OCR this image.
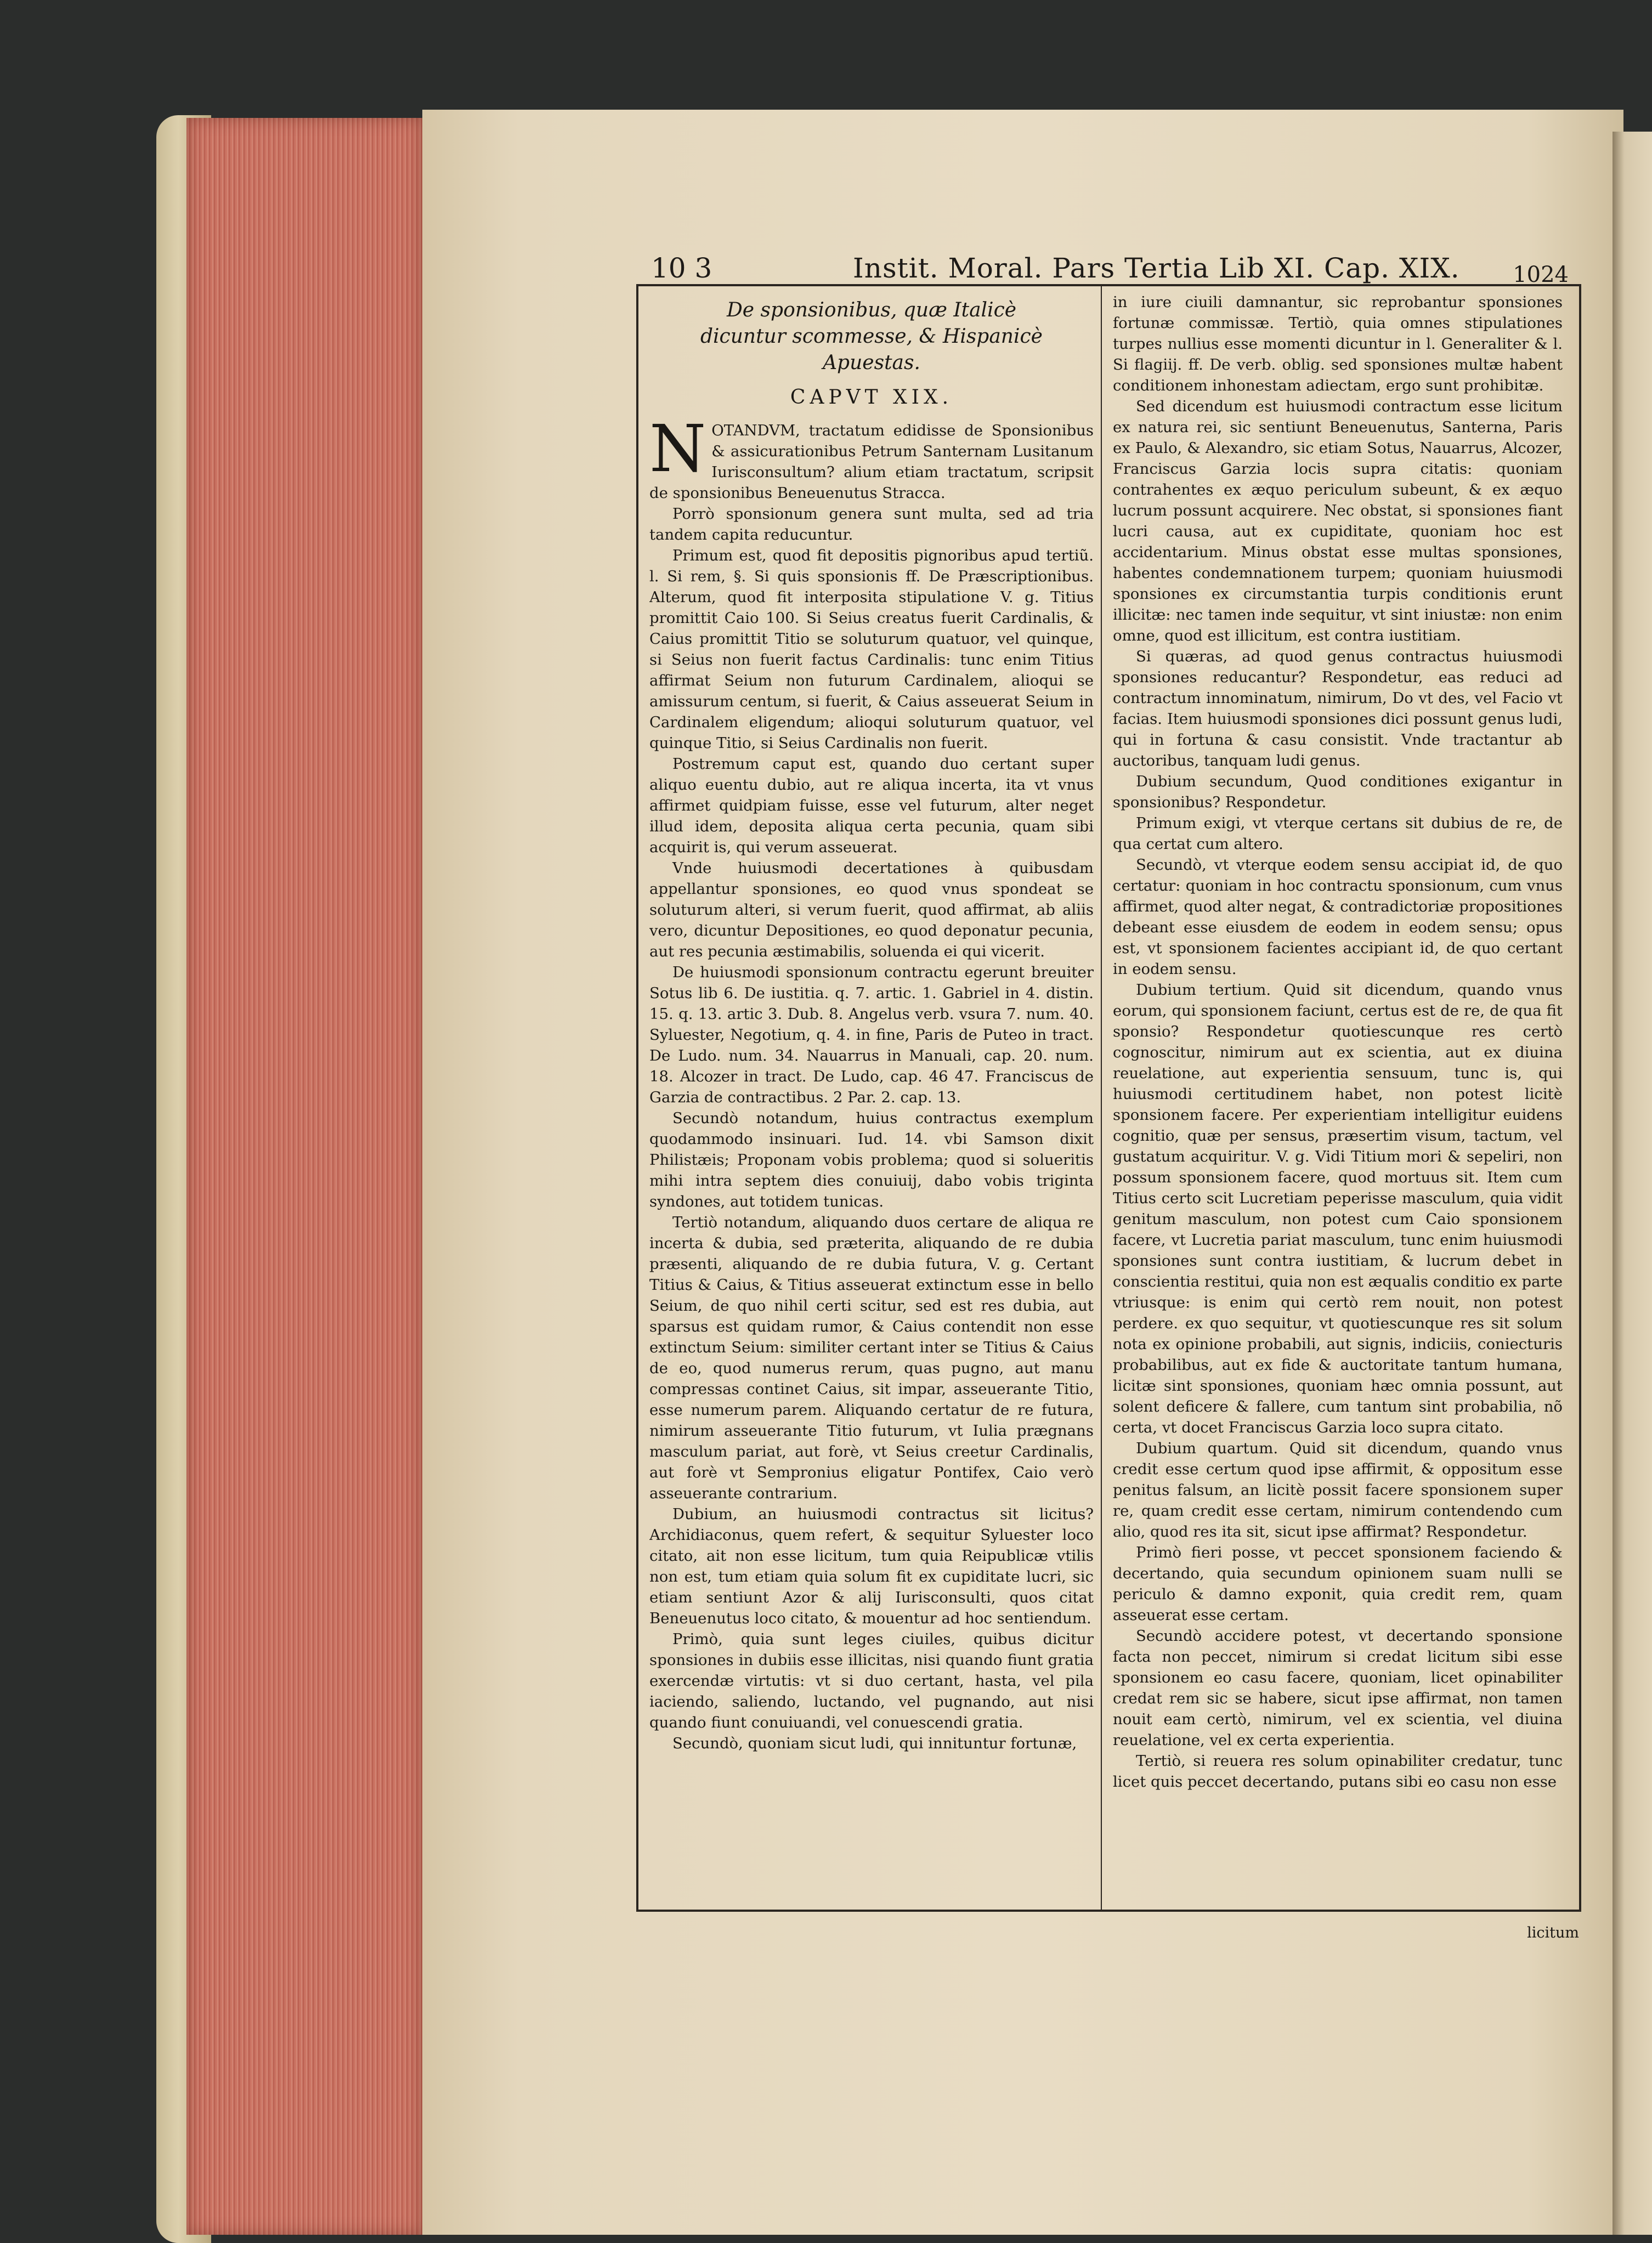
10 3	Instit. Moral. Pars Tertia Lib XI. Cap. XIX. 1024
De sponsionibus, quæ Italicè dicuntur scommesse, & Hispanicè Apuestas.
CAPVT XIX.

NOTANDVM, tractatum edidisse de Sponsionibus & assicurationibus Petrum Santernam Lusitanum Iurisconsultum? alium etiam tractatum, scripsit de sponsionibus Beneuenutus Stracca.

Porrò sponsionum genera sunt multa, sed ad tria tandem capita reducuntur.

Primum est, quod fit depositis pignoribus apud tertiũ. l. Si rem, §. Si quis sponsionis ff. De Præscriptionibus. Alterum, quod fit interposita stipulatione V. g. Titius promittit Caio 100. Si Seius creatus fuerit Cardinalis, & Caius promittit Titio se soluturum quatuor, vel quinque, si Seius non fuerit factus Cardinalis: tunc enim Titius affirmat Seium non futurum Cardinalem, alioqui se amissurum centum, si fuerit, & Caius asseuerat Seium in Cardinalem eligendum; alioqui soluturum quatuor, vel quinque Titio, si Seius Cardinalis non fuerit.

Postremum caput est, quando duo certant super aliquo euentu dubio, aut re aliqua incerta, ita vt vnus affirmet quidpiam fuisse, esse vel futurum, alter neget illud idem, deposita aliqua certa pecunia, quam sibi acquirit is, qui verum asseuerat.

Vnde huiusmodi decertationes à quibusdam appellantur sponsiones, eo quod vnus spondeat se soluturum alteri, si verum fuerit, quod affirmat, ab aliis vero, dicuntur Depositiones, eo quod deponatur pecunia, aut res pecunia æstimabilis, soluenda ei qui vicerit.

De huiusmodi sponsionum contractu egerunt breuiter Sotus lib 6. De iustitia. q. 7. artic. 1. Gabriel in 4. distin. 15. q. 13. artic 3. Dub. 8. Angelus verb. vsura 7. num. 40. Syluester, Negotium, q. 4. in fine, Paris de Puteo in tract. De Ludo. num. 34. Nauarrus in Manuali, cap. 20. num. 18. Alcozer in tract. De Ludo, cap. 46 47. Franciscus de Garzia de contractibus. 2 Par. 2. cap. 13.

Secundò notandum, huius contractus exemplum quodammodo insinuari. Iud. 14. vbi Samson dixit Philistæis; Proponam vobis problema; quod si solueritis mihi intra septem dies conuiuij, dabo vobis triginta syndones, aut totidem tunicas.

Tertiò notandum, aliquando duos certare de aliqua re incerta & dubia, sed præterita, aliquando de re dubia præsenti, aliquando de re dubia futura, V. g. Certant Titius & Caius, & Titius asseuerat extinctum esse in bello Seium, de quo nihil certi scitur, sed est res dubia, aut sparsus est quidam rumor, & Caius contendit non esse extinctum Seium: similiter certant inter se Titius & Caius de eo, quod numerus rerum, quas pugno, aut manu compressas continet Caius, sit impar, asseuerante Titio, esse numerum parem. Aliquando certatur de re futura, nimirum asseuerante Titio futurum, vt Iulia prægnans masculum pariat, aut forè, vt Seius creetur Cardinalis, aut forè vt Sempronius eligatur Pontifex, Caio verò asseuerante contrarium.

Dubium, an huiusmodi contractus sit licitus? Archidiaconus, quem refert, & sequitur Syluester loco citato, ait non esse licitum, tum quia Reipublicæ vtilis non est, tum etiam quia solum fit ex cupiditate lucri, sic etiam sentiunt Azor & alij Iurisconsulti, quos citat Beneuenutus loco citato, & mouentur ad hoc sentiendum.

Primò, quia sunt leges ciuiles, quibus dicitur sponsiones in dubiis esse illicitas, nisi quando fiunt gratia exercendæ virtutis: vt si duo certant, hasta, vel pila iaciendo, saliendo, luctando, vel pugnando, aut nisi quando fiunt conuiuandi, vel conuescendi gratia.

Secundò, quoniam sicut ludi, qui innituntur fortunæ,

in iure ciuili damnantur, sic reprobantur sponsiones fortunæ commissæ. Tertiò, quia omnes stipulationes turpes nullius esse momenti dicuntur in l. Generaliter & l. Si flagiij. ff. De verb. oblig. sed sponsiones multæ habent conditionem inhonestam adiectam, ergo sunt prohibitæ.

Sed dicendum est huiusmodi contractum esse licitum ex natura rei, sic sentiunt Beneuenutus, Santerna, Paris ex Paulo, & Alexandro, sic etiam Sotus, Nauarrus, Alcozer, Franciscus Garzia locis supra citatis: quoniam contrahentes ex æquo periculum subeunt, & ex æquo lucrum possunt acquirere. Nec obstat, si sponsiones fiant lucri causa, aut ex cupiditate, quoniam hoc est accidentarium. Minus obstat esse multas sponsiones, habentes condemnationem turpem; quoniam huiusmodi sponsiones ex circumstantia turpis conditionis erunt illicitæ: nec tamen inde sequitur, vt sint iniustæ: non enim omne, quod est illicitum, est contra iustitiam.

Si quæras, ad quod genus contractus huiusmodi sponsiones reducantur? Respondetur, eas reduci ad contractum innominatum, nimirum, Do vt des, vel Facio vt facias. Item huiusmodi sponsiones dici possunt genus ludi, qui in fortuna & casu consistit. Vnde tractantur ab auctoribus, tanquam ludi genus.

Dubium secundum, Quod conditiones exigantur in sponsionibus? Respondetur.

Primum exigi, vt vterque certans sit dubius de re, de qua certat cum altero.

Secundò, vt vterque eodem sensu accipiat id, de quo certatur: quoniam in hoc contractu sponsionum, cum vnus affirmet, quod alter negat, & contradictoriæ propositiones debeant esse eiusdem de eodem in eodem sensu; opus est, vt sponsionem facientes accipiant id, de quo certant in eodem sensu.

Dubium tertium. Quid sit dicendum, quando vnus eorum, qui sponsionem faciunt, certus est de re, de qua fit sponsio? Respondetur quotiescunque res certò cognoscitur, nimirum aut ex scientia, aut ex diuina reuelatione, aut experientia sensuum, tunc is, qui huiusmodi certitudinem habet, non potest licitè sponsionem facere. Per experientiam intelligitur euidens cognitio, quæ per sensus, præsertim visum, tactum, vel gustatum acquiritur. V. g. Vidi Titium mori & sepeliri, non possum sponsionem facere, quod mortuus sit. Item cum Titius certo scit Lucretiam peperisse masculum, quia vidit genitum masculum, non potest cum Caio sponsionem facere, vt Lucretia pariat masculum, tunc enim huiusmodi sponsiones sunt contra iustitiam, & lucrum debet in conscientia restitui, quia non est æqualis conditio ex parte vtriusque: is enim qui certò rem nouit, non potest perdere. ex quo sequitur, vt quotiescunque res sit solum nota ex opinione probabili, aut signis, indiciis, coniecturis probabilibus, aut ex fide & auctoritate tantum humana, licitæ sint sponsiones, quoniam hæc omnia possunt, aut solent deficere & fallere, cum tantum sint probabilia, nõ certa, vt docet Franciscus Garzia loco supra citato.

Dubium quartum. Quid sit dicendum, quando vnus credit esse certum quod ipse affirmit, & oppositum esse penitus falsum, an licitè possit facere sponsionem super re, quam credit esse certam, nimirum contendendo cum alio, quod res ita sit, sicut ipse affirmat? Respondetur.

Primò fieri posse, vt peccet sponsionem faciendo & decertando, quia secundum opinionem suam nulli se periculo & damno exponit, quia credit rem, quam asseuerat esse certam.

Secundò accidere potest, vt decertando sponsione facta non peccet, nimirum si credat licitum sibi esse sponsionem eo casu facere, quoniam, licet opinabiliter credat rem sic se habere, sicut ipse affirmat, non tamen nouit eam certò, nimirum, vel ex scientia, vel diuina reuelatione, vel ex certa experientia.

Tertiò, si reuera res solum opinabiliter credatur, tunc licet quis peccet decertando, putans sibi eo casu non esse

licitum
